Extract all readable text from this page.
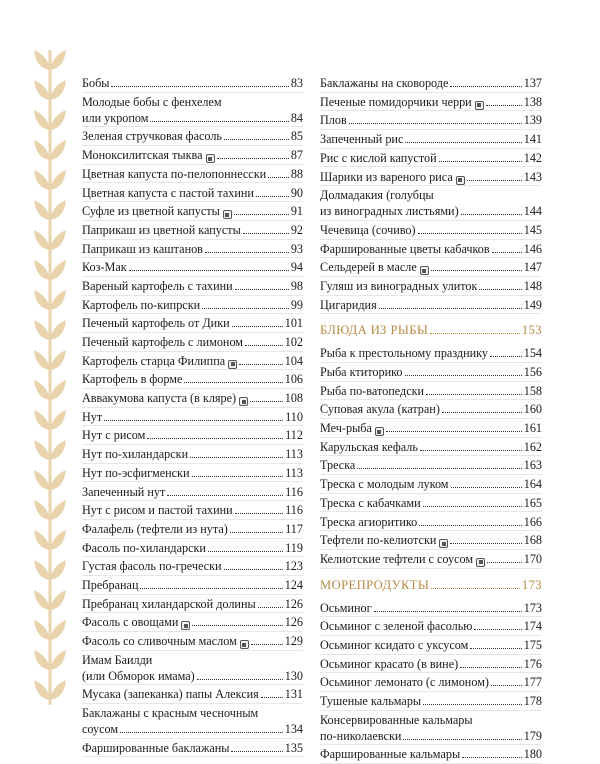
Бобы	83
Молодые бобы с фенхелем
или укропом	84
Зеленая стручковая фасоль	85
Моноксилитская тыква	87
Цветная капуста по-пелопоннесски 88
Цветная капуста с пастой тахини	90
Суфле из цветной капусты	91
Паприкаш из цветной капусты	92
Паприкаш из каштанов	93
Коз-Мак	94
Вареный картофель с тахини	98
Картофель по-кипрски	99
Печеный картофель от Дики	101
Печеный картофель с лимоном	102
Картофель старца Филиппа	104
Картофель в форме	106
Аввакумова капуста (в кляре)	108
Нут	110
Нут с рисом	112
Нут по-хиландарски	113
Нут по-эсфигменски	113
Запеченный нут	116
Нут с рисом и пастой тахини	116
Фалафель (тефтели из нута)	117
Фасоль по-хиландарски	119
Густая фасоль по-гречески	123
Пребранац	124
Пребранац хиландарской долины 126
Фасоль с овощами	126
Фасоль со сливочным маслом	129
Имам Баилди
(или Обморок имама)	130
Мусака (запеканка) папы Алексия 131
Баклажаны с красным чесночным
соусом	134
Фаршированные баклажаны	135
Баклажаны на сковороде	137
Печеные помидорчики черри	138
Плов	139
Запеченный рис	141
Рис с кислой капустой	142
Шарики из вареного риса	143
Долмадакия (голубцы
из виноградных листьями)	144
Чечевица (сочиво)	145
Фаршированные цветы кабачков	146
Сельдерей в масле	147
Гуляш из виноградных улиток	148
Цигаридия	149
БЛЮДА ИЗ РЫБЫ	153
Рыба к престольному празднику	154
Рыба ктиторико	156
Рыба по-ватопедски	158
Суповая акула (катран)	160
Меч-рыба	161
Карульская кефаль	162
Треска	163
Треска с молодым луком	164
Треска с кабачками	165
Треска агиоритико	166
Тефтели по-келиотски	168
Келиотские тефтели с соусом	170
МОРЕПРОДУКТЫ	173
Осьминог	173
Осьминог с зеленой фасолью	174
Осьминог ксидато с уксусом	175
Осьминог красато (в вине)	176
Осьминог лемонато (с лимоном)	177
Тушеные кальмары	178
Консервированные кальмары
по-николаевски	179
Фаршированные кальмары	180
